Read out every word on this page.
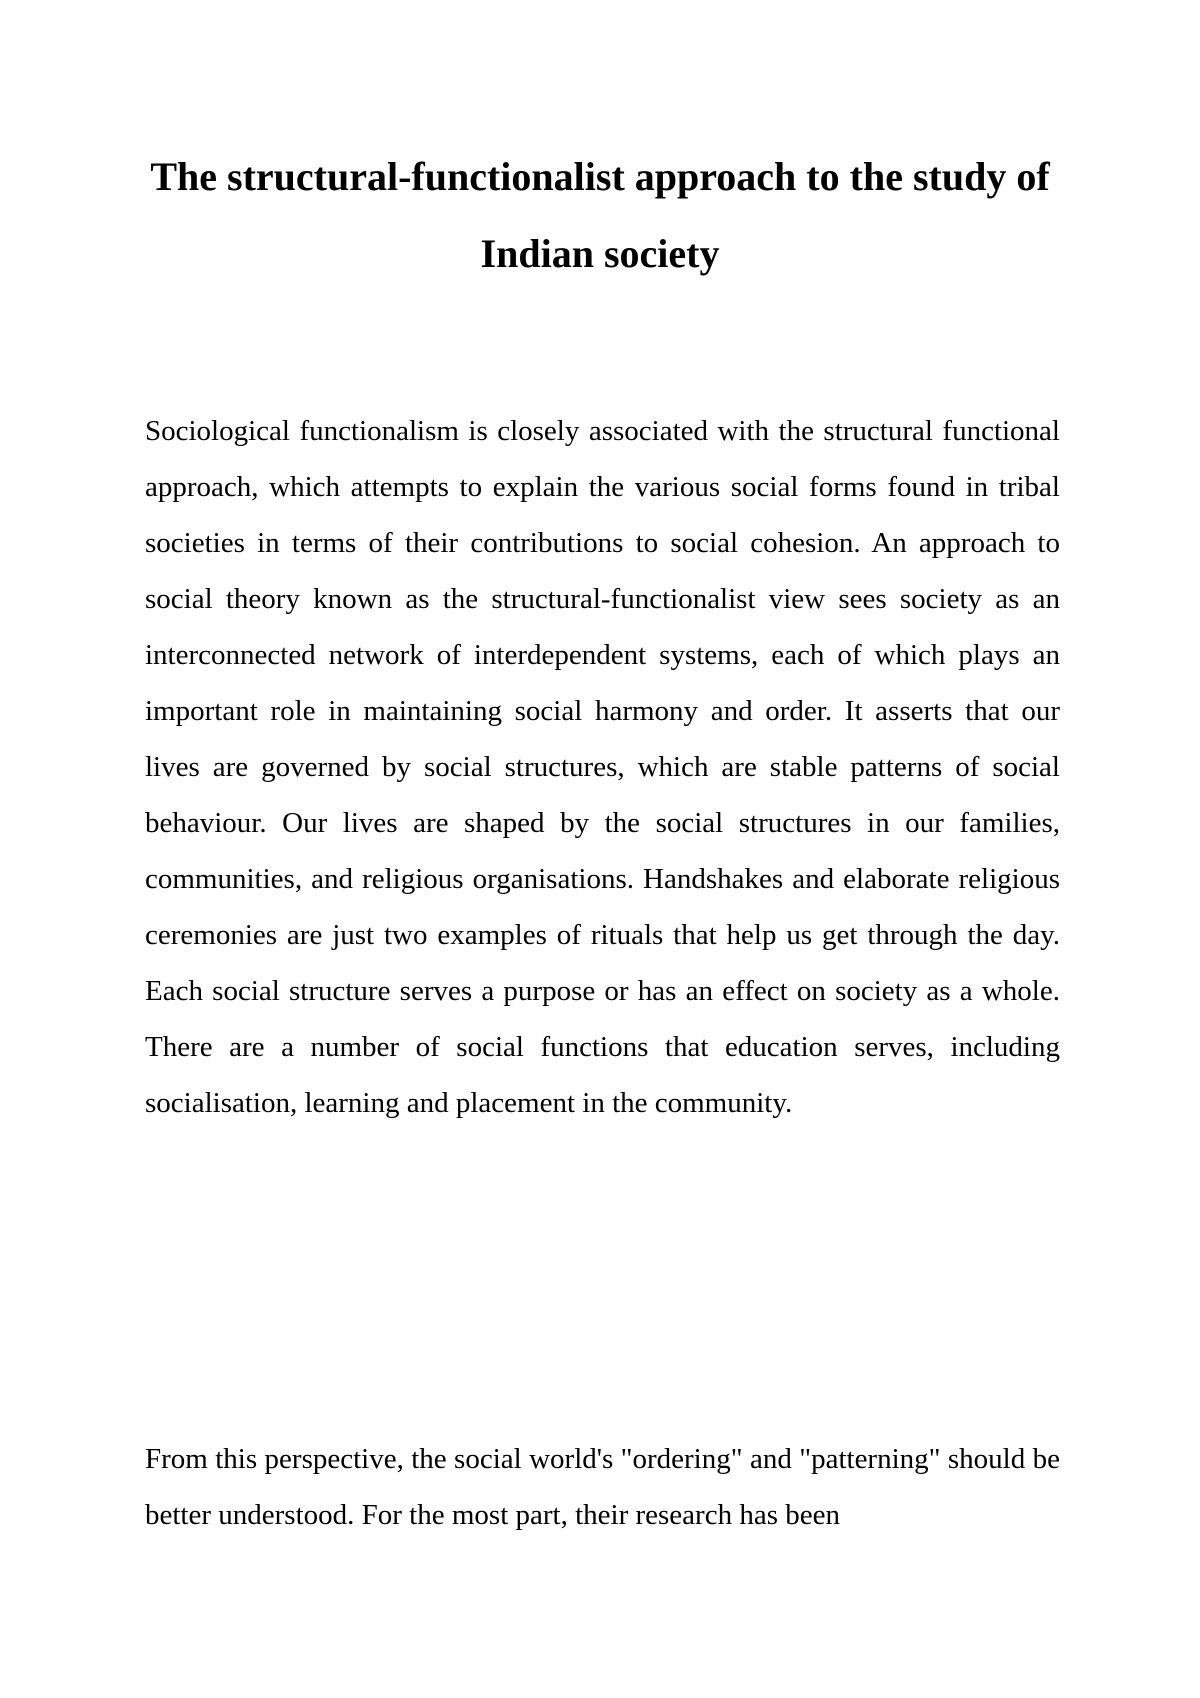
The structural-functionalist approach to the study of Indian society

Sociological functionalism is closely associated with the structural functional approach, which attempts to explain the various social forms found in tribal societies in terms of their contributions to social cohesion. An approach to social theory known as the structural-functionalist view sees society as an interconnected network of interdependent systems, each of which plays an important role in maintaining social harmony and order. It asserts that our lives are governed by social structures, which are stable patterns of social behaviour. Our lives are shaped by the social structures in our families, communities, and religious organisations. Handshakes and elaborate religious ceremonies are just two examples of rituals that help us get through the day. Each social structure serves a purpose or has an effect on society as a whole. There are a number of social functions that education serves, including socialisation, learning and placement in the community.

From this perspective, the social world's "ordering" and "patterning" should be better understood. For the most part, their research has been
